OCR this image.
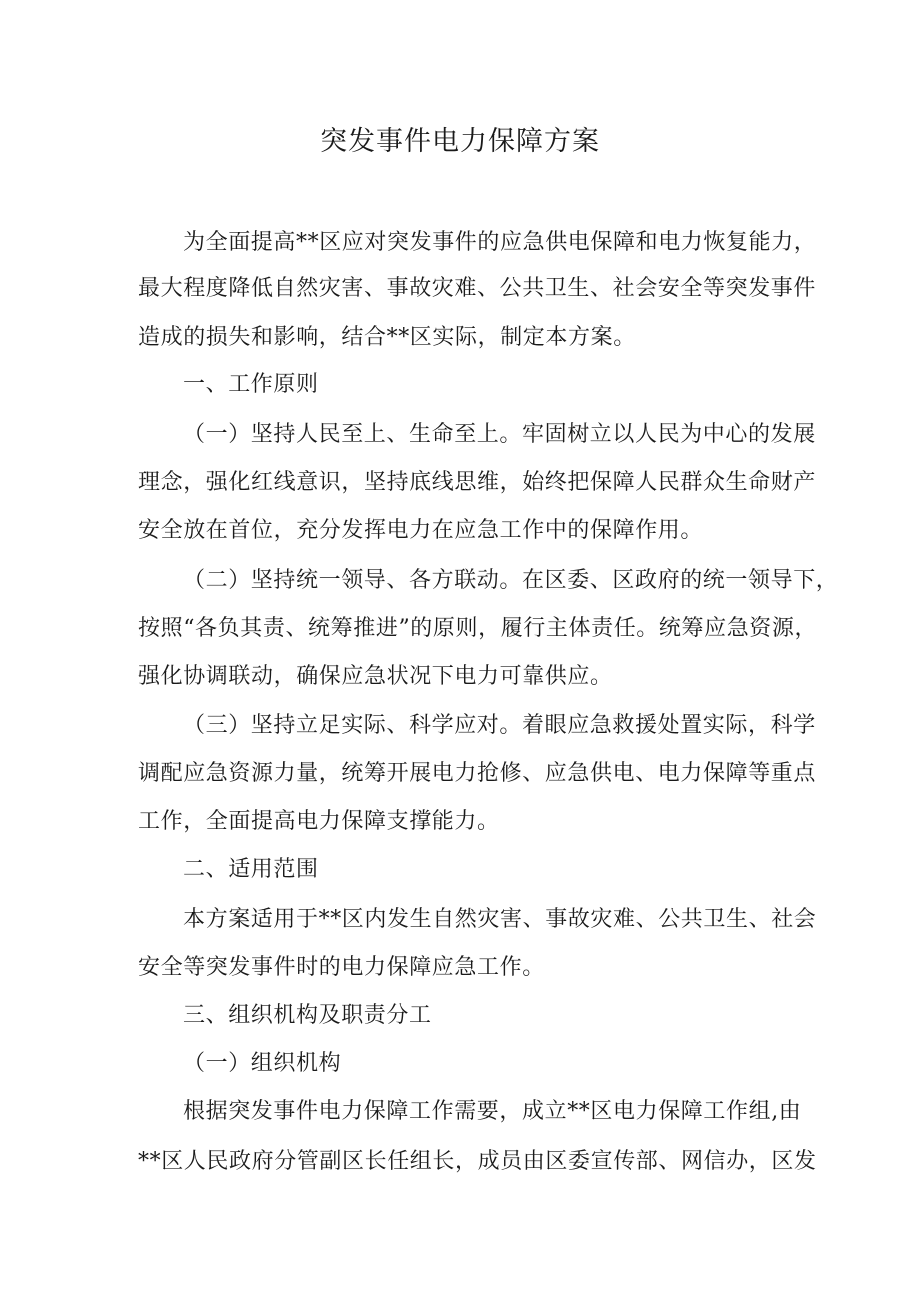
突发事件电力保障方案

为全面提高**区应对突发事件的应急供电保障和电力恢复能力，

最大程度降低自然灾害、事故灾难、公共卫生、社会安全等突发事件

造成的损失和影响，结合**区实际，制定本方案。

一、工作原则

（一）坚持人民至上、生命至上。牢固树立以人民为中心的发展

理念，强化红线意识，坚持底线思维，始终把保障人民群众生命财产

安全放在首位，充分发挥电力在应急工作中的保障作用。

（二）坚持统一领导、各方联动。在区委、区政府的统一领导下，

按照“各负其责、统筹推进”的原则，履行主体责任。统筹应急资源，

强化协调联动，确保应急状况下电力可靠供应。

（三）坚持立足实际、科学应对。着眼应急救援处置实际，科学

调配应急资源力量，统筹开展电力抢修、应急供电、电力保障等重点

工作，全面提高电力保障支撑能力。

二、适用范围

本方案适用于**区内发生自然灾害、事故灾难、公共卫生、社会

安全等突发事件时的电力保障应急工作。

三、组织机构及职责分工

（一）组织机构

根据突发事件电力保障工作需要，成立**区电力保障工作组,由

**区人民政府分管副区长任组长，成员由区委宣传部、网信办，区发
